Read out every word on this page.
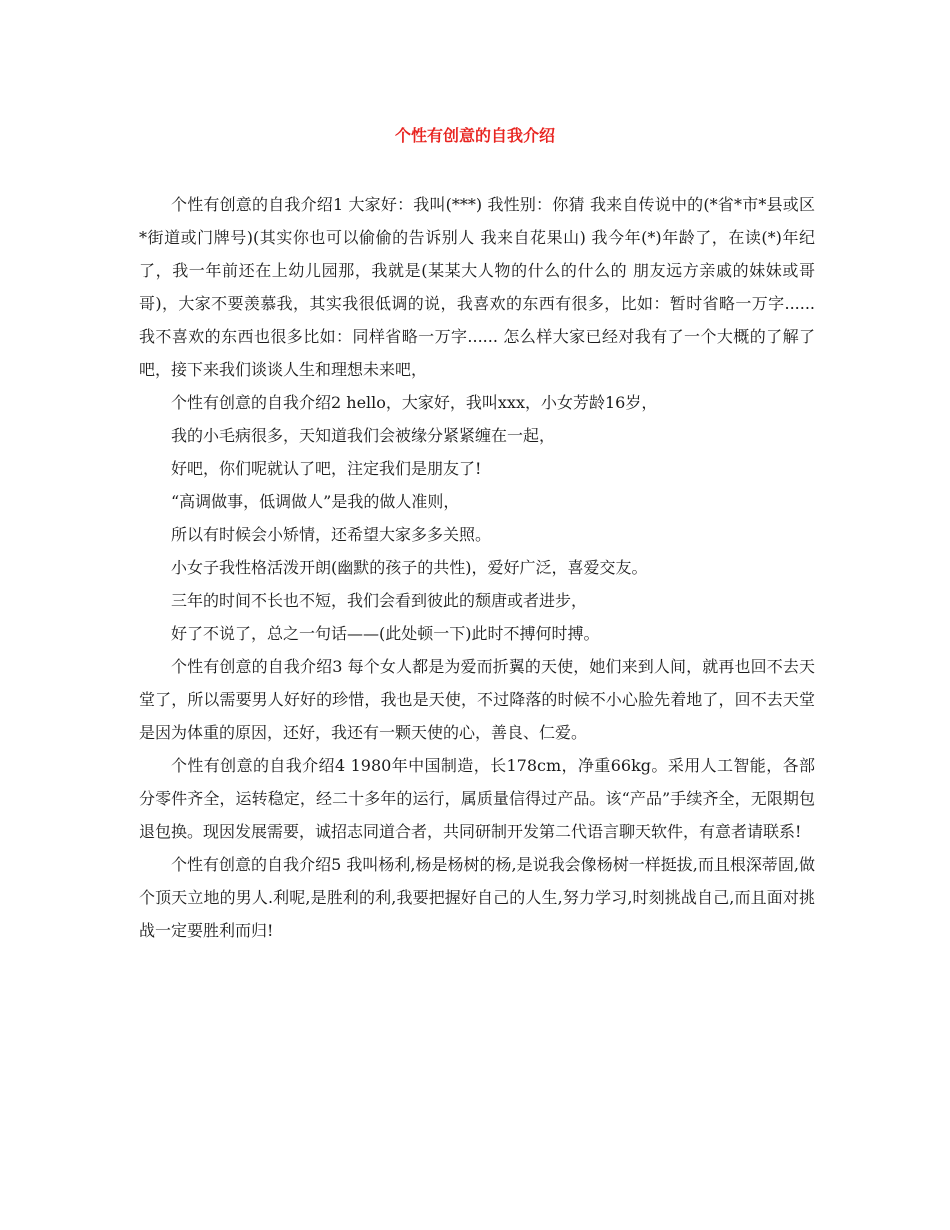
个性有创意的自我介绍

个性有创意的自我介绍1 大家好：我叫(***) 我性别：你猜 我来自传说中的(*省*市*县或区*街道或门牌号)(其实你也可以偷偷的告诉别人 我来自花果山) 我今年(*)年龄了，在读(*)年纪了，我一年前还在上幼儿园那，我就是(某某大人物的什么的什么的 朋友远方亲戚的妹妹或哥哥)，大家不要羡慕我，其实我很低调的说，我喜欢的东西有很多，比如：暂时省略一万字......我不喜欢的东西也很多比如：同样省略一万字...... 怎么样大家已经对我有了一个大概的了解了吧，接下来我们谈谈人生和理想未来吧，

个性有创意的自我介绍2 hello，大家好，我叫xxx，小女芳龄16岁，

我的小毛病很多，天知道我们会被缘分紧紧缠在一起，

好吧，你们呢就认了吧，注定我们是朋友了!

“高调做事，低调做人”是我的做人准则，

所以有时候会小矫情，还希望大家多多关照。

小女子我性格活泼开朗(幽默的孩子的共性)，爱好广泛，喜爱交友。

三年的时间不长也不短，我们会看到彼此的颓唐或者进步，

好了不说了，总之一句话——(此处顿一下)此时不搏何时搏。

个性有创意的自我介绍3 每个女人都是为爱而折翼的天使，她们来到人间，就再也回不去天堂了，所以需要男人好好的珍惜，我也是天使，不过降落的时候不小心脸先着地了，回不去天堂是因为体重的原因，还好，我还有一颗天使的心，善良、仁爱。

个性有创意的自我介绍4 1980年中国制造，长178cm，净重66kg。采用人工智能，各部分零件齐全，运转稳定，经二十多年的运行，属质量信得过产品。该“产品”手续齐全，无限期包退包换。现因发展需要，诚招志同道合者，共同研制开发第二代语言聊天软件，有意者请联系!

个性有创意的自我介绍5 我叫杨利,杨是杨树的杨,是说我会像杨树一样挺拔,而且根深蒂固,做个顶天立地的男人.利呢,是胜利的利,我要把握好自己的人生,努力学习,时刻挑战自己,而且面对挑战一定要胜利而归!
